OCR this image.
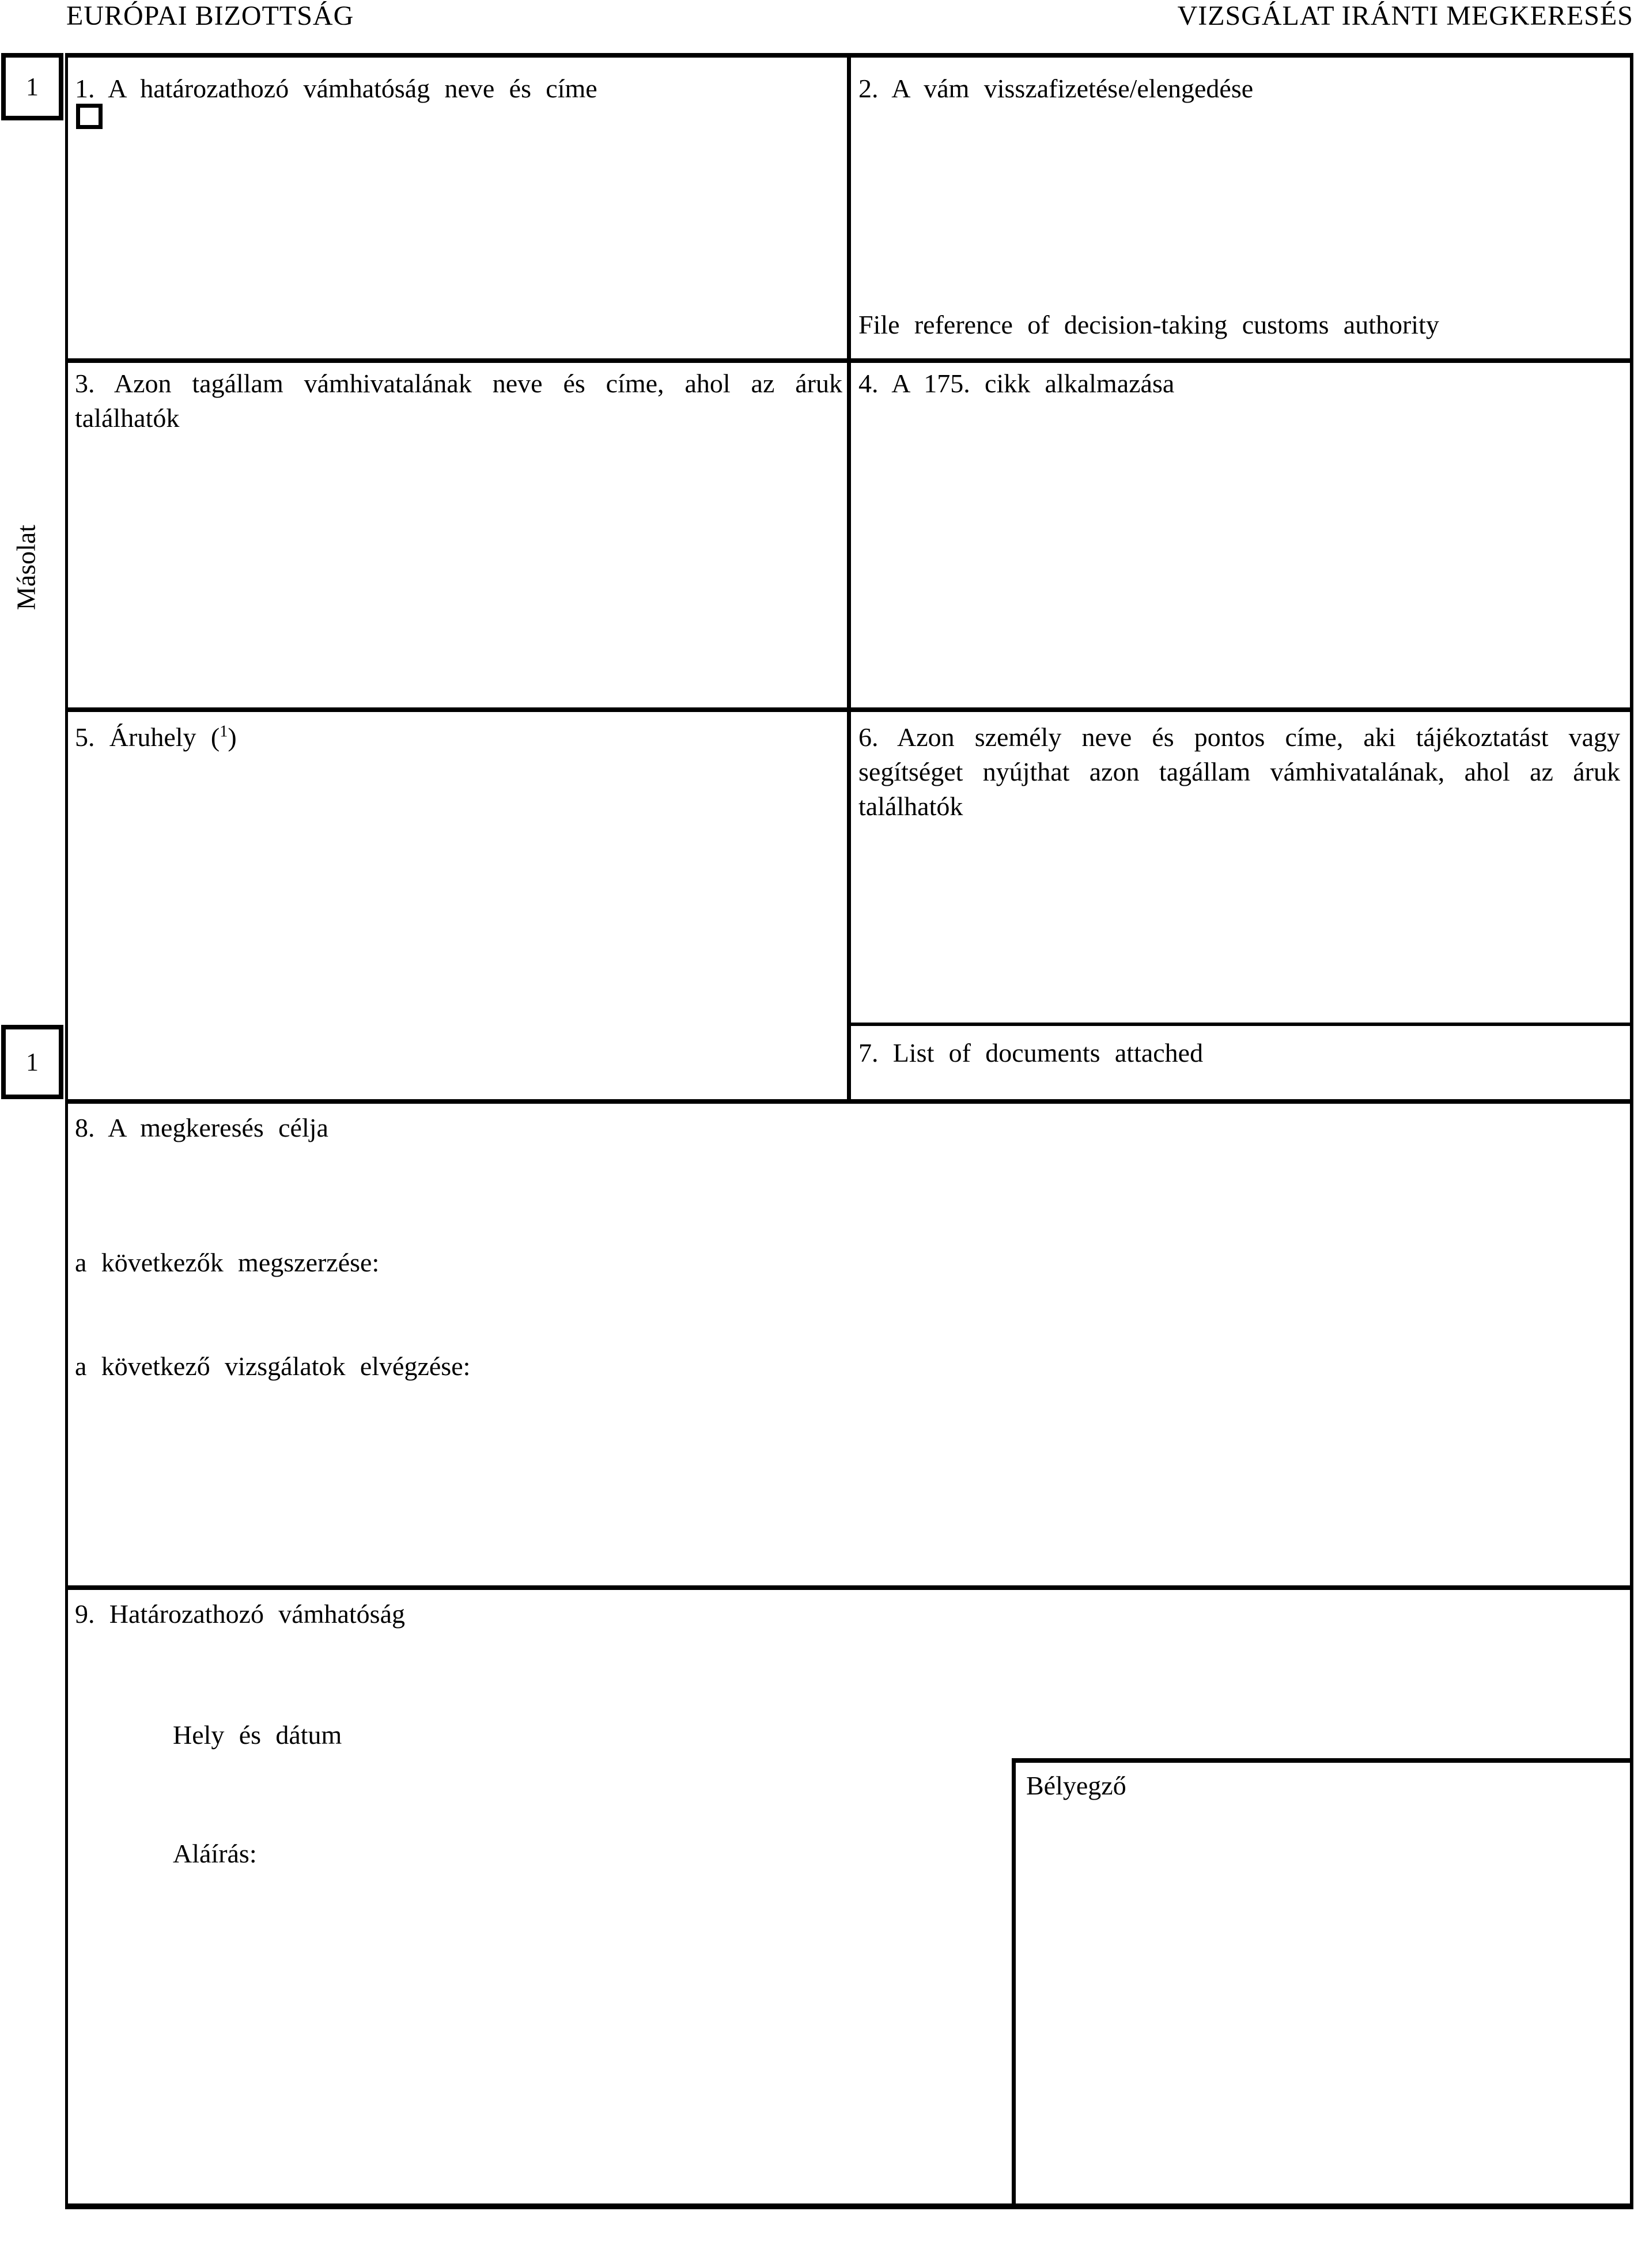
EURÓPAI BIZOTTSÁG	VIZSGÁLAT IRÁNTI MEGKERESÉS
1
1
Másolat
1. A határozathozó vámhatóság neve és címe	2. A vám visszafizetése/elengedése
File reference of decision-taking customs authority
3. Azon tagállam vámhivatalának neve és címe, ahol az áruk találhatók
4. A 175. cikk alkalmazása
5. Áruhely ($^1$)	6. Azon személy neve és pontos címe, aki tájékoztatást vagy segítséget nyújthat azon tagállam vámhivatalának, ahol az áruk találhatók
7. List of documents attached
8. A megkeresés célja
a következők megszerzése:
a következő vizsgálatok elvégzése:
9. Határozathozó vámhatóság
Hely és dátum
Aláírás:
Bélyegző
